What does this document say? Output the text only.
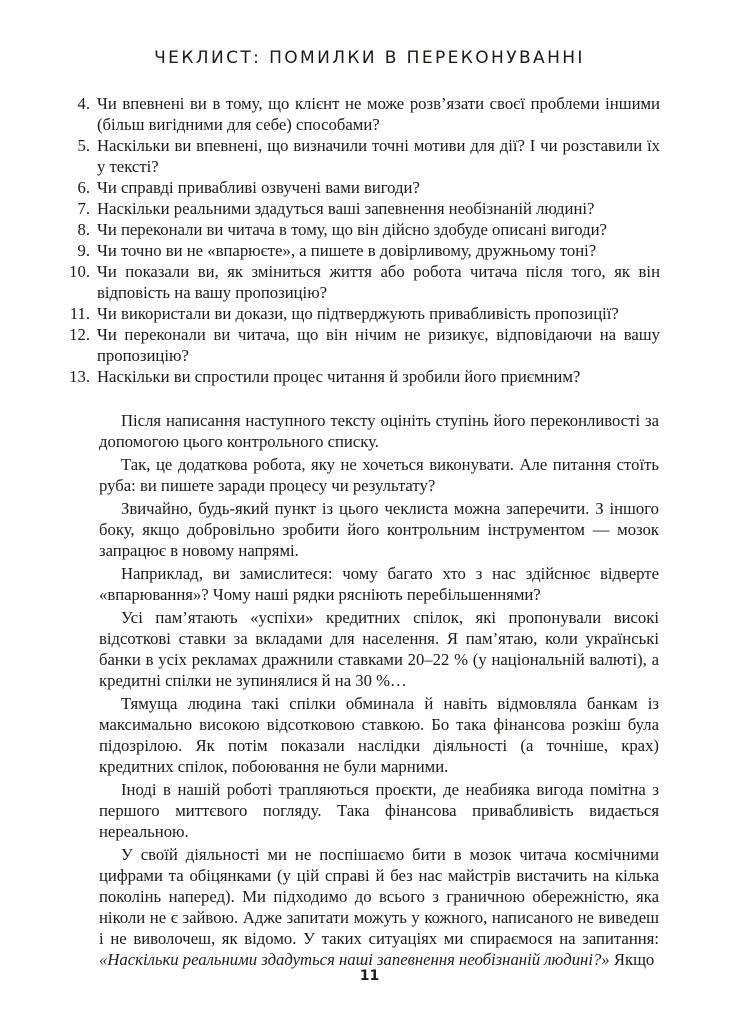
ЧЕКЛИСТ: ПОМИЛКИ В ПЕРЕКОНУВАННІ
4. Чи впевнені ви в тому, що клієнт не може розв’язати своєї проблеми іншими (більш вигідними для себе) способами?
5. Наскільки ви впевнені, що визначили точні мотиви для дії? І чи розставили їх у тексті?
6. Чи справді привабливі озвучені вами вигоди?
7. Наскільки реальними здадуться ваші запевнення необізнаній людині?
8. Чи переконали ви читача в тому, що він дійсно здобуде описані вигоди?
9. Чи точно ви не «впарюєте», а пишете в довірливому, дружньому тоні?
10. Чи показали ви, як зміниться життя або робота читача після того, як він відповість на вашу пропозицію?
11. Чи використали ви докази, що підтверджують привабливість пропозиції?
12. Чи переконали ви читача, що він нічим не ризикує, відповідаючи на вашу пропозицію?
13. Наскільки ви спростили процес читання й зробили його приємним?

Після написання наступного тексту оцініть ступінь його переконливості за допомогою цього контрольного списку.

Так, це додаткова робота, яку не хочеться виконувати. Але питання стоїть руба: ви пишете заради процесу чи результату?

Звичайно, будь-який пункт із цього чеклиста можна заперечити. З іншого боку, якщо добровільно зробити його контрольним інструментом — мозок запрацює в новому напрямі.

Наприклад, ви замислитеся: чому багато хто з нас здійснює відверте «впарювання»? Чому наші рядки рясніють перебільшеннями?

Усі пам’ятають «успіхи» кредитних спілок, які пропонували високі відсоткові ставки за вкладами для населення. Я пам’ятаю, коли українські банки в усіх рекламах дражнили ставками 20–22 % (у національній валюті), а кредитні спілки не зупинялися й на 30 %…

Тямуща людина такі спілки обминала й навіть відмовляла банкам із максимально високою відсотковою ставкою. Бо така фінансова розкіш була підозрілою. Як потім показали наслідки діяльності (а точніше, крах) кредитних спілок, побоювання не були марними.

Іноді в нашій роботі трапляються проєкти, де неабияка вигода помітна з першого миттєвого погляду. Така фінансова привабливість видається нереальною.

У своїй діяльності ми не поспішаємо бити в мозок читача космічними цифрами та обіцянками (у цій справі й без нас майстрів вистачить на кілька поколінь наперед). Ми підходимо до всього з граничною обережністю, яка ніколи не є зайвою. Адже запитати можуть у кожного, написаного не виведеш і не виволочеш, як відомо. У таких ситуаціях ми спираємося на запитання: «Наскільки реальними здадуться наші запевнення необізнаній людині?» Якщо

11
